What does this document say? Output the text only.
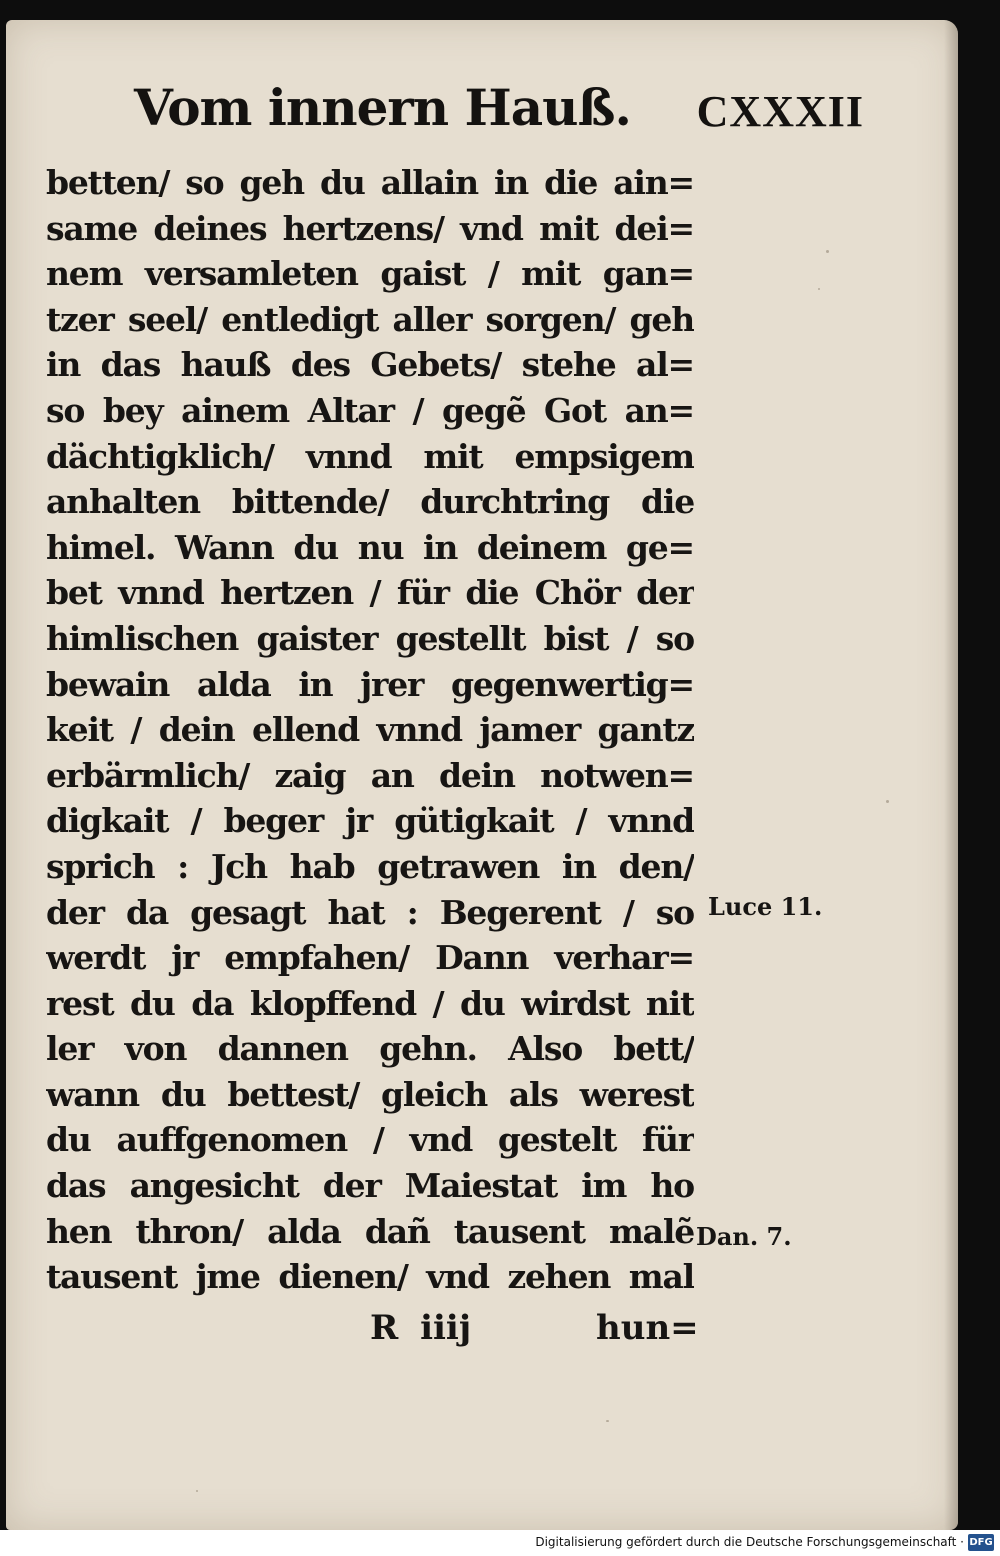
Vom innern Hauß. CXXXII
betten/ so geh du allain in die ain=
same deines hertzens/ vnd mit dei=
nem versamleten gaist / mit gan=
tzer seel/ entledigt aller sorgen/ geh
in das hauß des Gebets/ stehe al=
so bey ainem Altar / gegẽ Got an=
dächtigklich/ vnnd mit empsigem
anhalten bittende/ durchtring die
himel. Wann du nu in deinem ge=
bet vnnd hertzen / für die Chör der
himlischen gaister gestellt bist / so
bewain alda in jrer gegenwertig=
keit / dein ellend vnnd jamer gantz
erbärmlich/ zaig an dein notwen=
digkait / beger jr gütigkait / vnnd
sprich : Jch hab getrawen in den/
der da gesagt hat : Begerent / so
werdt jr empfahen/ Dann verhar=
rest du da klopffend / du wirdst nit
ler von dannen gehn. Also bett/
wann du bettest/ gleich als werest
du auffgenomen / vnd gestelt für
das angesicht der Maiestat im ho
hen thron/ alda dañ tausent malẽ
tausent jme dienen/ vnd zehen mal
Luce 11.
Dan. 7.
R iiij	hun=
Digitalisierung gefördert durch die Deutsche Forschungsgemeinschaft · DFG
